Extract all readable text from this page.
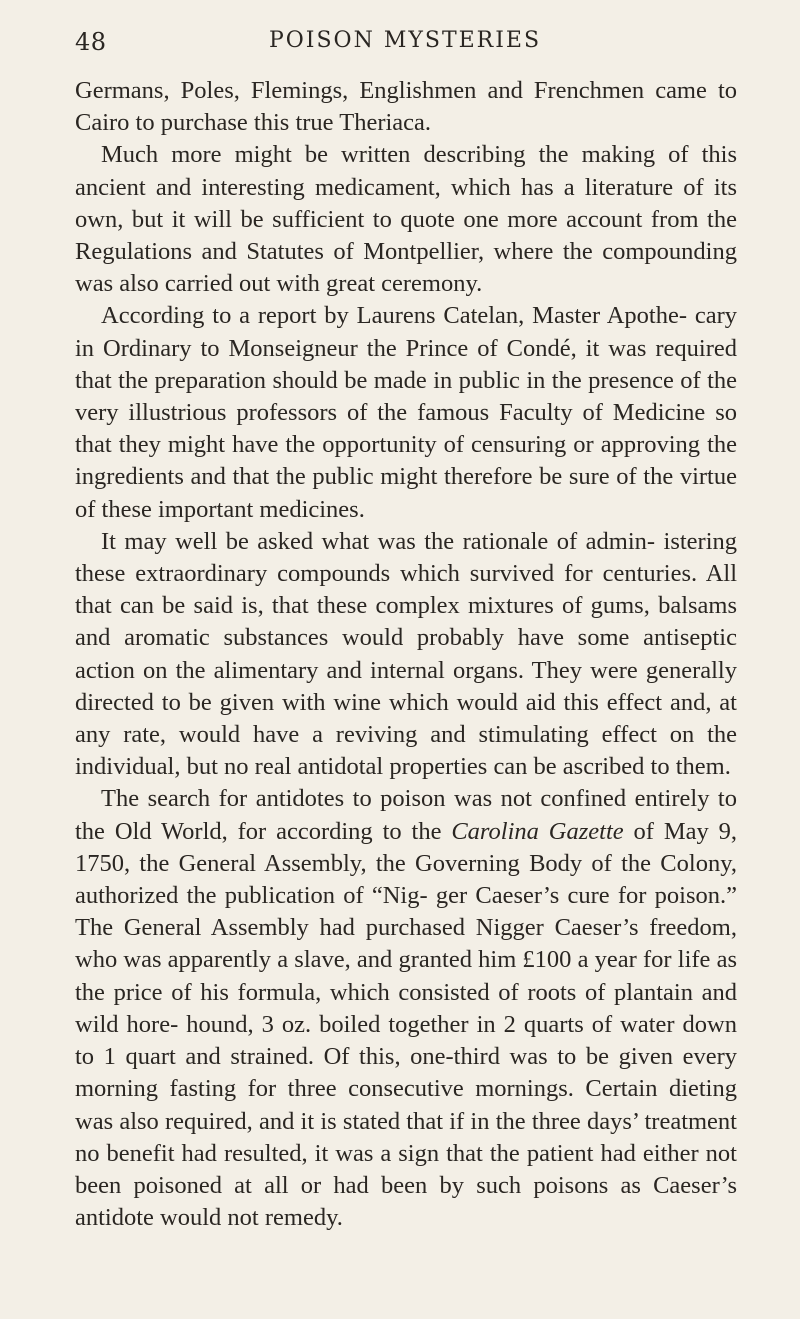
48	POISON MYSTERIES

Germans, Poles, Flemings, Englishmen and Frenchmen came to Cairo to purchase this true Theriaca.

Much more might be written describing the making of this ancient and interesting medicament, which has a literature of its own, but it will be sufficient to quote one more account from the Regulations and Statutes of Montpellier, where the compounding was also carried out with great ceremony.

According to a report by Laurens Catelan, Master Apothe- cary in Ordinary to Monseigneur the Prince of Condé, it was required that the preparation should be made in public in the presence of the very illustrious professors of the famous Faculty of Medicine so that they might have the opportunity of censuring or approving the ingredients and that the public might therefore be sure of the virtue of these important medicines.

It may well be asked what was the rationale of admin- istering these extraordinary compounds which survived for centuries. All that can be said is, that these complex mixtures of gums, balsams and aromatic substances would probably have some antiseptic action on the alimentary and internal organs. They were generally directed to be given with wine which would aid this effect and, at any rate, would have a reviving and stimulating effect on the individual, but no real antidotal properties can be ascribed to them.

The search for antidotes to poison was not confined entirely to the Old World, for according to the Carolina Gazette of May 9, 1750, the General Assembly, the Governing Body of the Colony, authorized the publication of “Nig- ger Caeser’s cure for poison.” The General Assembly had purchased Nigger Caeser’s freedom, who was apparently a slave, and granted him £100 a year for life as the price of his formula, which consisted of roots of plantain and wild hore- hound, 3 oz. boiled together in 2 quarts of water down to 1 quart and strained. Of this, one-third was to be given every morning fasting for three consecutive mornings. Certain dieting was also required, and it is stated that if in the three days’ treatment no benefit had resulted, it was a sign that the patient had either not been poisoned at all or had been by such poisons as Caeser’s antidote would not remedy.
